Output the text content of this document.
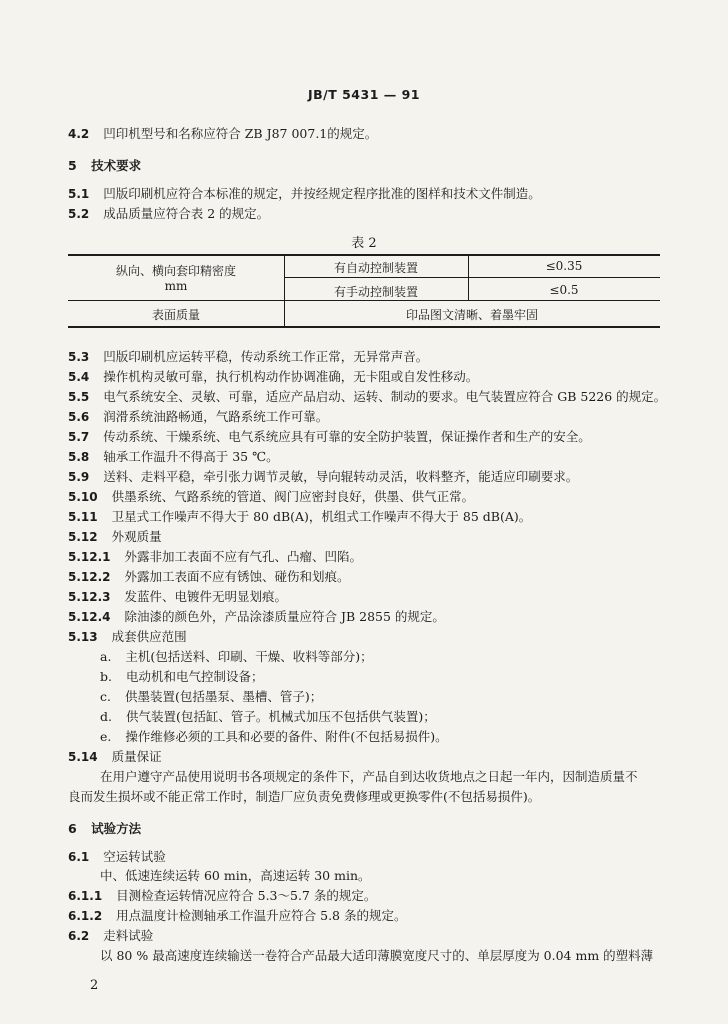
JB/T 5431 — 91
4.2 凹印机型号和名称应符合 ZB J87 007.1的规定。
5 技术要求
5.1 凹版印刷机应符合本标准的规定，并按经规定程序批准的图样和技术文件制造。
5.2 成品质量应符合表 2 的规定。
表 2
纵向、横向套印精密度
mm
有自动控制装置	≤0.35
有手动控制装置	≤0.5
表面质量	印品图文清晰、着墨牢固
5.3 凹版印刷机应运转平稳，传动系统工作正常，无异常声音。
5.4 操作机构灵敏可靠，执行机构动作协调准确，无卡阻或自发性移动。
5.5 电气系统安全、灵敏、可靠，适应产品启动、运转、制动的要求。电气装置应符合 GB 5226 的规定。
5.6 润滑系统油路畅通，气路系统工作可靠。
5.7 传动系统、干燥系统、电气系统应具有可靠的安全防护装置，保证操作者和生产的安全。
5.8 轴承工作温升不得高于 35 ℃。
5.9 送料、走料平稳，牵引张力调节灵敏，导向辊转动灵活，收料整齐，能适应印刷要求。
5.10 供墨系统、气路系统的管道、阀门应密封良好，供墨、供气正常。
5.11 卫星式工作噪声不得大于 80 dB(A)，机组式工作噪声不得大于 85 dB(A)。
5.12 外观质量
5.12.1 外露非加工表面不应有气孔、凸瘤、凹陷。
5.12.2 外露加工表面不应有锈蚀、碰伤和划痕。
5.12.3 发蓝件、电镀件无明显划痕。
5.12.4 除油漆的颜色外，产品涂漆质量应符合 JB 2855 的规定。
5.13 成套供应范围
a. 主机(包括送料、印刷、干燥、收料等部分)；
b. 电动机和电气控制设备；
c. 供墨装置(包括墨泵、墨槽、管子)；
d. 供气装置(包括缸、管子。机械式加压不包括供气装置)；
e. 操作维修必须的工具和必要的备件、附件(不包括易损件)。
5.14 质量保证
在用户遵守产品使用说明书各项规定的条件下，产品自到达收货地点之日起一年内，因制造质量不
良而发生损坏或不能正常工作时，制造厂应负责免费修理或更换零件(不包括易损件)。
6 试验方法
6.1 空运转试验
中、低速连续运转 60 min，高速运转 30 min。
6.1.1 目测检查运转情况应符合 5.3～5.7 条的规定。
6.1.2 用点温度计检测轴承工作温升应符合 5.8 条的规定。
6.2 走料试验
以 80 % 最高速度连续输送一卷符合产品最大适印薄膜宽度尺寸的、单层厚度为 0.04 mm 的塑料薄
2
